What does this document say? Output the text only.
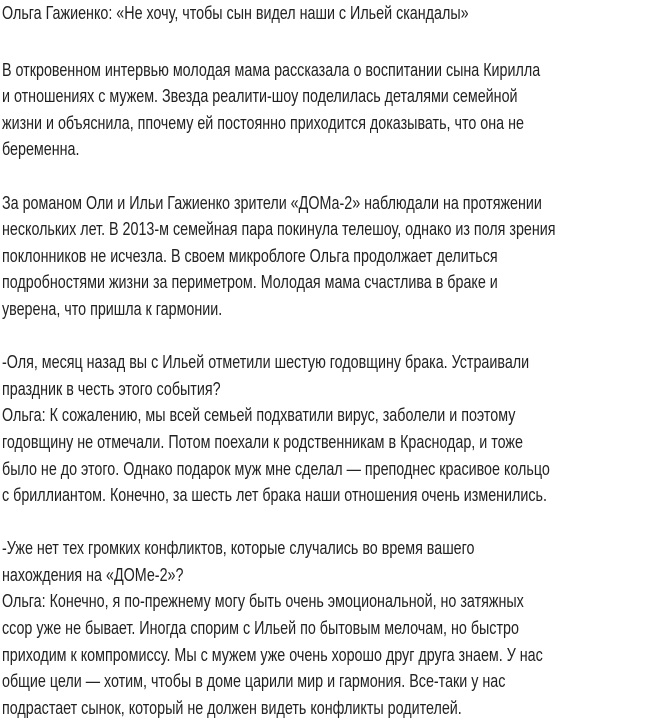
Ольга Гажиенко: «Не хочу, чтобы сын видел наши с Ильей скандалы»
В откровенном интервью молодая мама рассказала о воспитании сына Кирилла
и отношениях с мужем. Звезда реалити-шоу поделилась деталями семейной
жизни и объяснила, ппочему ей постоянно приходится доказывать, что она не
беременна.
За романом Оли и Ильи Гажиенко зрители «ДОМа-2» наблюдали на протяжении
нескольких лет. В 2013-м семейная пара покинула телешоу, однако из поля зрения
поклонников не исчезла. В своем микроблоге Ольга продолжает делиться
подробностями жизни за периметром. Молодая мама счастлива в браке и
уверена, что пришла к гармонии.
-Оля, месяц назад вы с Ильей отметили шестую годовщину брака. Устраивали
праздник в честь этого события?
Ольга: К сожалению, мы всей семьей подхватили вирус, заболели и поэтому
годовщину не отмечали. Потом поехали к родственникам в Краснодар, и тоже
было не до этого. Однако подарок муж мне сделал — преподнес красивое кольцо
с бриллиантом. Конечно, за шесть лет брака наши отношения очень изменились.
-Уже нет тех громких конфликтов, которые случались во время вашего
нахождения на «ДОМе-2»?
Ольга: Конечно, я по-прежнему могу быть очень эмоциональной, но затяжных
ссор уже не бывает. Иногда спорим с Ильей по бытовым мелочам, но быстро
приходим к компромиссу. Мы с мужем уже очень хорошо друг друга знаем. У нас
общие цели — хотим, чтобы в доме царили мир и гармония. Все-таки у нас
подрастает сынок, который не должен видеть конфликты родителей.
